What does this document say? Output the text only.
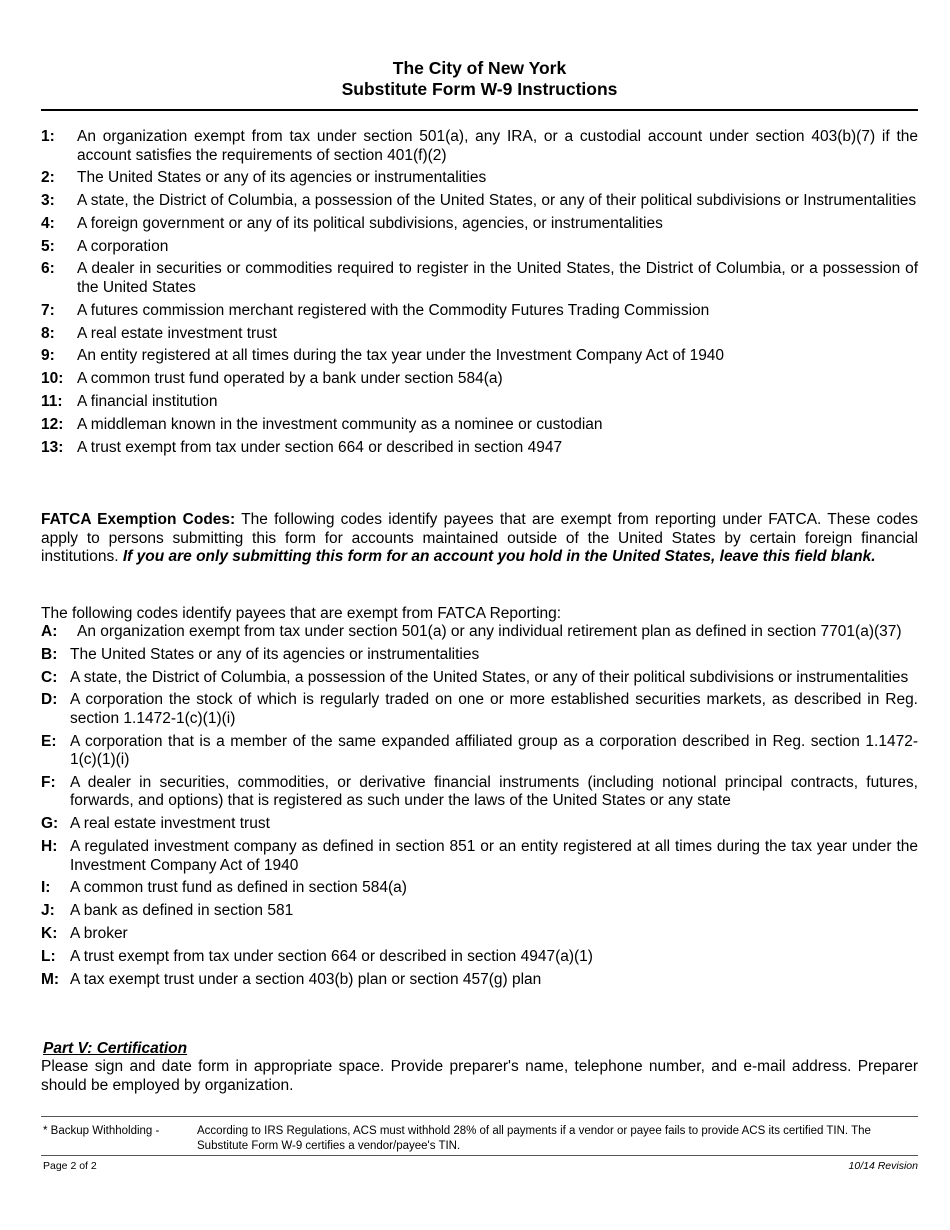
The City of New York
Substitute Form W-9 Instructions
1:	An organization exempt from tax under section 501(a), any IRA, or a custodial account under section 403(b)(7) if the account satisfies the requirements of section 401(f)(2)
2:	The United States or any of its agencies or instrumentalities
3:	A state, the District of Columbia, a possession of the United States, or any of their political subdivisions or Instrumentalities
4:	A foreign government or any of its political subdivisions, agencies, or instrumentalities
5:	A corporation
6:	A dealer in securities or commodities required to register in the United States, the District of Columbia, or a possession of the United States
7:	A futures commission merchant registered with the Commodity Futures Trading Commission
8:	A real estate investment trust
9:	An entity registered at all times during the tax year under the Investment Company Act of 1940
10: A common trust fund operated by a bank under section 584(a)
11: A financial institution
12: A middleman known in the investment community as a nominee or custodian
13: A trust exempt from tax under section 664 or described in section 4947
FATCA Exemption Codes: The following codes identify payees that are exempt from reporting under FATCA. These codes apply to persons submitting this form for accounts maintained outside of the United States by certain foreign financial institutions. If you are only submitting this form for an account you hold in the United States, leave this field blank.
The following codes identify payees that are exempt from FATCA Reporting:
A:	An organization exempt from tax under section 501(a) or any individual retirement plan as defined in section 7701(a)(37)
B: The United States or any of its agencies or instrumentalities
C: A state, the District of Columbia, a possession of the United States, or any of their political subdivisions or instrumentalities
D: A corporation the stock of which is regularly traded on one or more established securities markets, as described in Reg. section 1.1472-1(c)(1)(i)
E: A corporation that is a member of the same expanded affiliated group as a corporation described in Reg. section 1.1472-1(c)(1)(i)
F: A dealer in securities, commodities, or derivative financial instruments (including notional principal contracts, futures, forwards, and options) that is registered as such under the laws of the United States or any state
G: A real estate investment trust
H: A regulated investment company as defined in section 851 or an entity registered at all times during the tax year under the Investment Company Act of 1940
I:	A common trust fund as defined in section 584(a)
J: A bank as defined in section 581
K: A broker
L: A trust exempt from tax under section 664 or described in section 4947(a)(1)
M: A tax exempt trust under a section 403(b) plan or section 457(g) plan
Part V: Certification
Please sign and date form in appropriate space. Provide preparer's name, telephone number, and e-mail address. Preparer should be employed by organization.
* Backup Withholding -	According to IRS Regulations, ACS must withhold 28% of all payments if a vendor or payee fails to provide ACS its certified TIN. The Substitute Form W-9 certifies a vendor/payee's TIN.
Page 2 of 2	10/14 Revision
